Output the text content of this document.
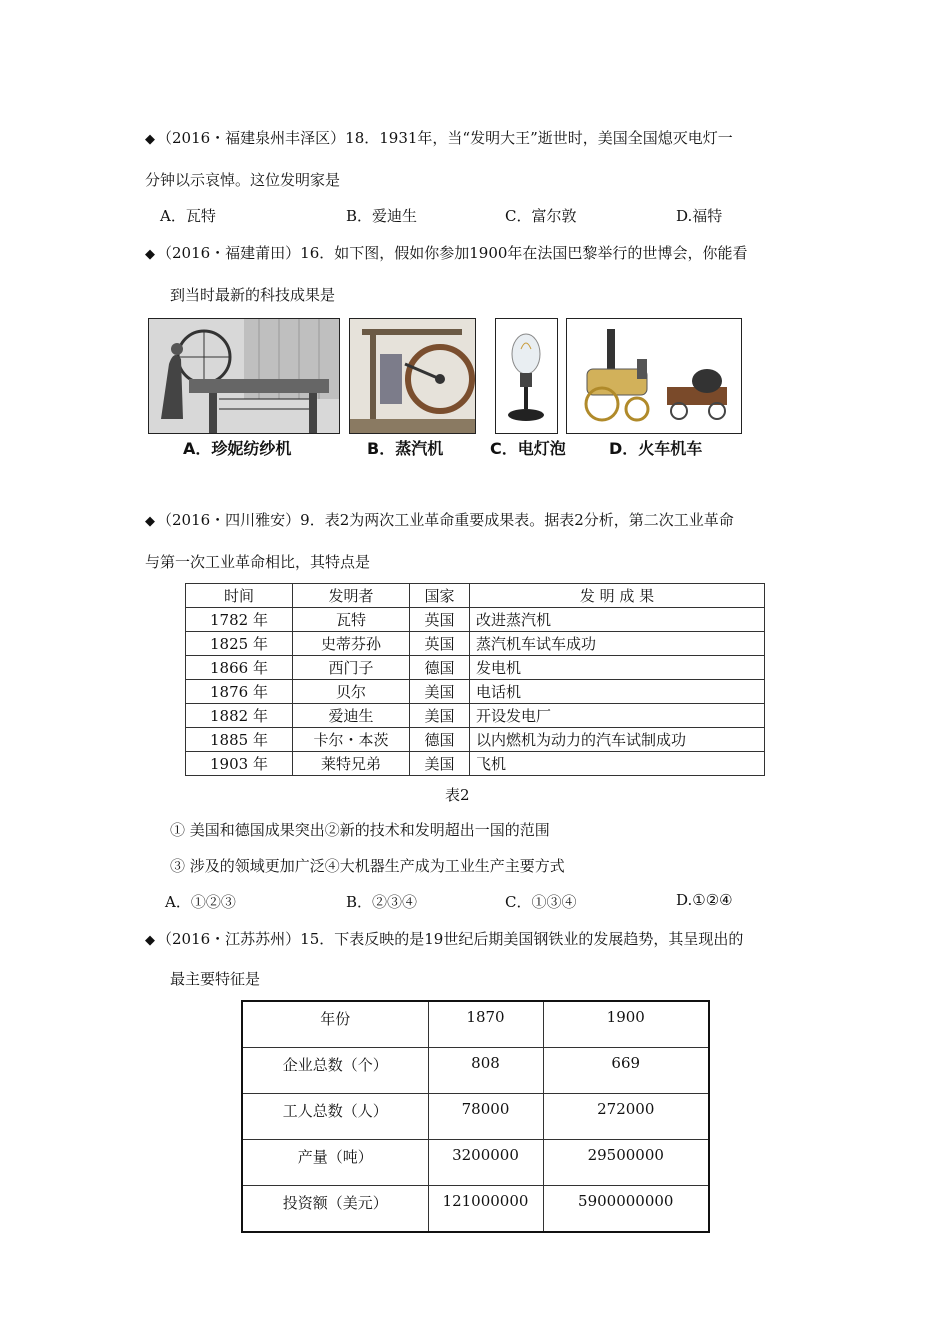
◆ （2016・福建泉州丰泽区）18．1931年，当“发明大王”逝世时，美国全国熄灭电灯一
分钟以示哀悼。这位发明家是
A．瓦特	B．爱迪生	C．富尔敦	D.福特
◆ （2016・福建莆田）16．如下图，假如你参加1900年在法国巴黎举行的世博会，你能看
到当时最新的科技成果是
A．珍妮纺纱机	B．蒸汽机	C．电灯泡	D．火车机车
◆ （2016・四川雅安）9．表2为两次工业革命重要成果表。据表2分析，第二次工业革命
与第一次工业革命相比，其特点是
时间	发明者	国家	发 明 成 果
1782 年	瓦特	英国	改进蒸汽机
1825 年	史蒂芬孙	英国	蒸汽机车试车成功
1866 年	西门子	德国	发电机
1876 年	贝尔	美国	电话机
1882 年	爱迪生	美国	开设发电厂
1885 年	卡尔・本茨	德国	以内燃机为动力的汽车试制成功
1903 年	莱特兄弟	美国	飞机
表2
① 美国和德国成果突出②新的技术和发明超出一国的范围
③ 涉及的领域更加广泛④大机器生产成为工业生产主要方式
A．①②③	B．②③④	C．①③④	D.①②④
◆ （2016・江苏苏州）15．下表反映的是19世纪后期美国钢铁业的发展趋势，其呈现出的
最主要特征是
年份	1870	1900
企业总数（个）	808	669
工人总数（人）	78000	272000
产量（吨）	3200000	29500000
投资额（美元）	121000000	5900000000
